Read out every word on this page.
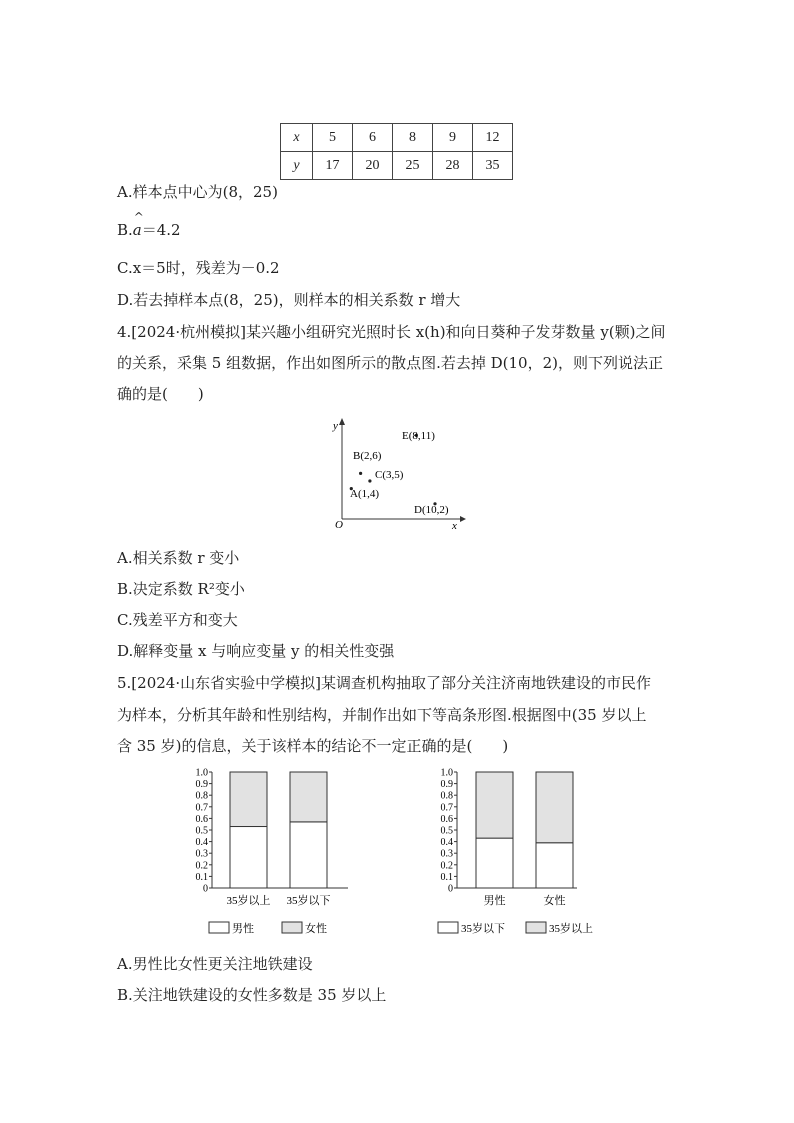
x	5	6	8	9	12
y	17	20	25	28	35
A.样本点中心为(8，25)
B.
^
a＝4.2
C.x＝5时，残差为－0.2
D.若去掉样本点(8，25)，则样本的相关系数 r 增大
4.[2024·杭州模拟]某兴趣小组研究光照时长 x(h)和向日葵种子发芽数量 y(颗)之间
的关系，采集 5 组数据，作出如图所示的散点图.若去掉 D(10，2)，则下列说法正
确的是(　　)
x
y
O
A(1,4)
B(2,6)
C(3,5)
D(10,2)
E(8,11)
A.相关系数 r 变小
B.决定系数 R²变小
C.残差平方和变大
D.解释变量 x 与响应变量 y 的相关性变强
5.[2024·山东省实验中学模拟]某调查机构抽取了部分关注济南地铁建设的市民作
为样本，分析其年龄和性别结构，并制作出如下等高条形图.根据图中(35 岁以上
含 35 岁)的信息，关于该样本的结论不一定正确的是(　　)
0
0.1
0.2
0.3
0.4
0.5
0.6
0.7
0.8
0.9
1.0
35岁以上 35岁以下
男性	女性
0
0.1
0.2
0.3
0.4
0.5
0.6
0.7
0.8
0.9
1.0
男性	女性
35岁以下	35岁以上
A.男性比女性更关注地铁建设
B.关注地铁建设的女性多数是 35 岁以上
